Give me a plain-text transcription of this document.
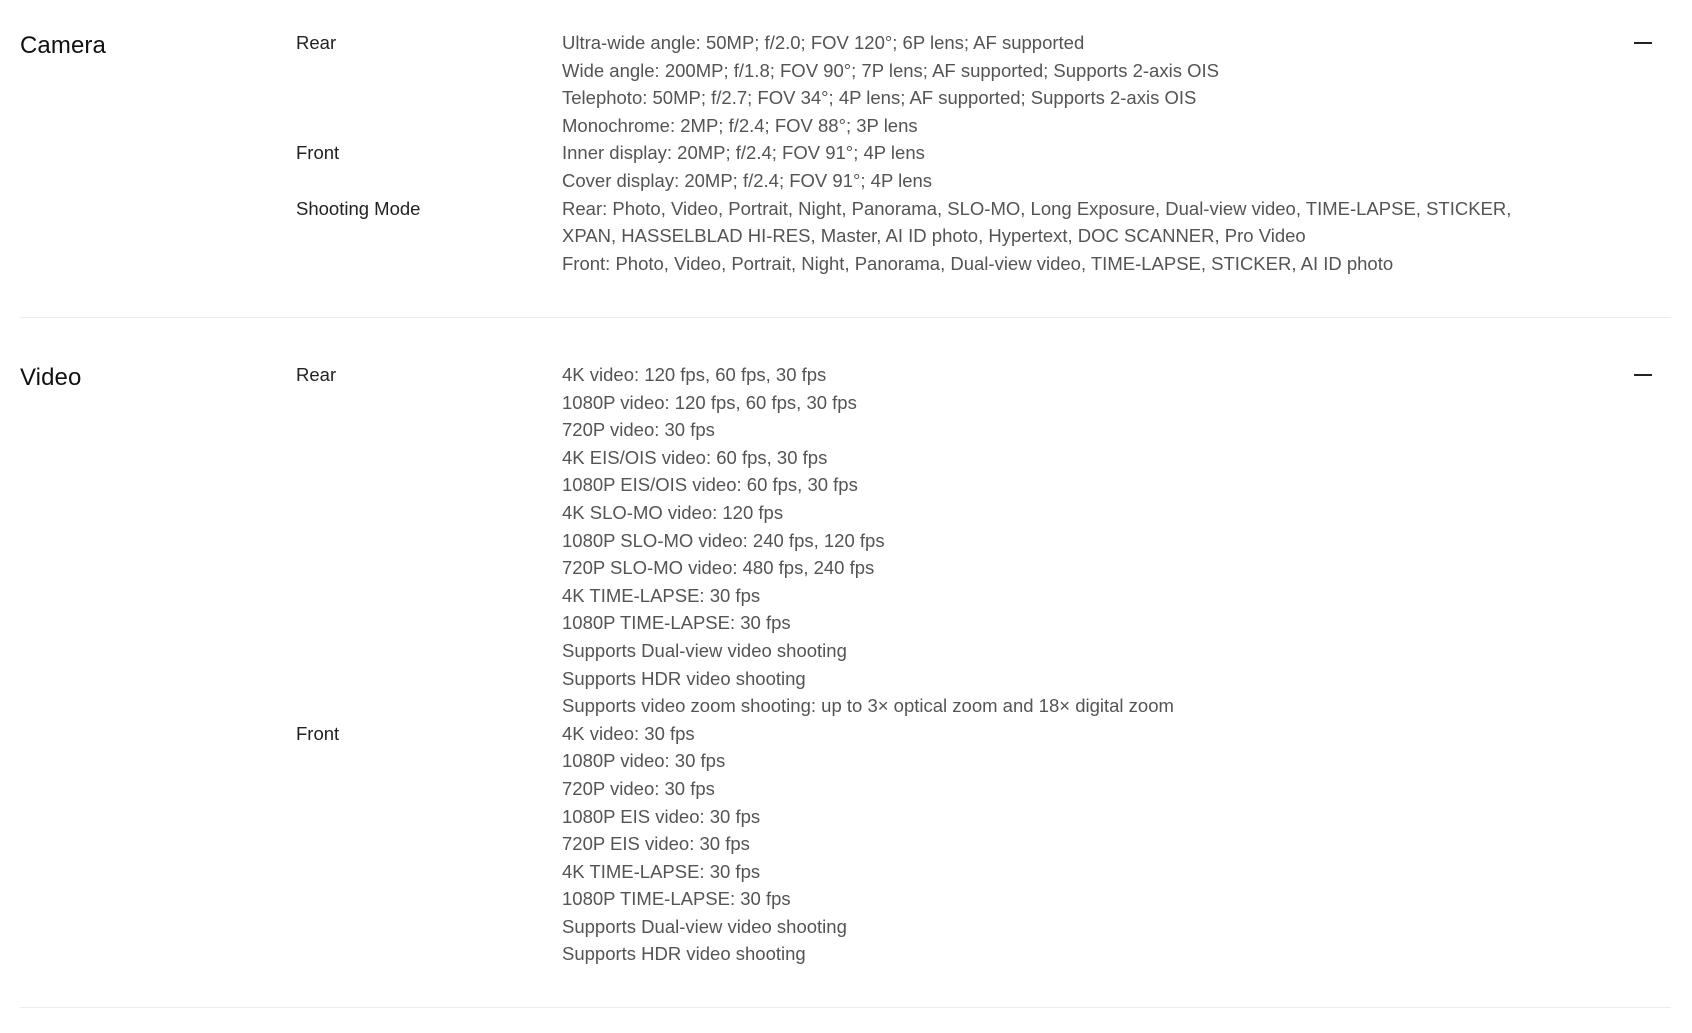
Camera	Rear	Ultra-wide angle: 50MP; f/2.0; FOV 120°; 6P lens; AF supported
Wide angle: 200MP; f/1.8; FOV 90°; 7P lens; AF supported; Supports 2-axis OIS
Telephoto: 50MP; f/2.7; FOV 34°; 4P lens; AF supported; Supports 2-axis OIS
Monochrome: 2MP; f/2.4; FOV 88°; 3P lens
Front	Inner display: 20MP; f/2.4; FOV 91°; 4P lens
Cover display: 20MP; f/2.4; FOV 91°; 4P lens
Shooting Mode	Rear: Photo, Video, Portrait, Night, Panorama, SLO-MO, Long Exposure, Dual-view video, TIME-LAPSE, STICKER, XPAN, HASSELBLAD HI-RES, Master, AI ID photo, Hypertext, DOC SCANNER, Pro Video
Front: Photo, Video, Portrait, Night, Panorama, Dual-view video, TIME-LAPSE, STICKER, AI ID photo
Video	Rear	4K video: 120 fps, 60 fps, 30 fps
1080P video: 120 fps, 60 fps, 30 fps
720P video: 30 fps
4K EIS/OIS video: 60 fps, 30 fps
1080P EIS/OIS video: 60 fps, 30 fps
4K SLO-MO video: 120 fps
1080P SLO-MO video: 240 fps, 120 fps
720P SLO-MO video: 480 fps, 240 fps
4K TIME-LAPSE: 30 fps
1080P TIME-LAPSE: 30 fps
Supports Dual-view video shooting
Supports HDR video shooting
Supports video zoom shooting: up to 3× optical zoom and 18× digital zoom
Front	4K video: 30 fps
1080P video: 30 fps
720P video: 30 fps
1080P EIS video: 30 fps
720P EIS video: 30 fps
4K TIME-LAPSE: 30 fps
1080P TIME-LAPSE: 30 fps
Supports Dual-view video shooting
Supports HDR video shooting
